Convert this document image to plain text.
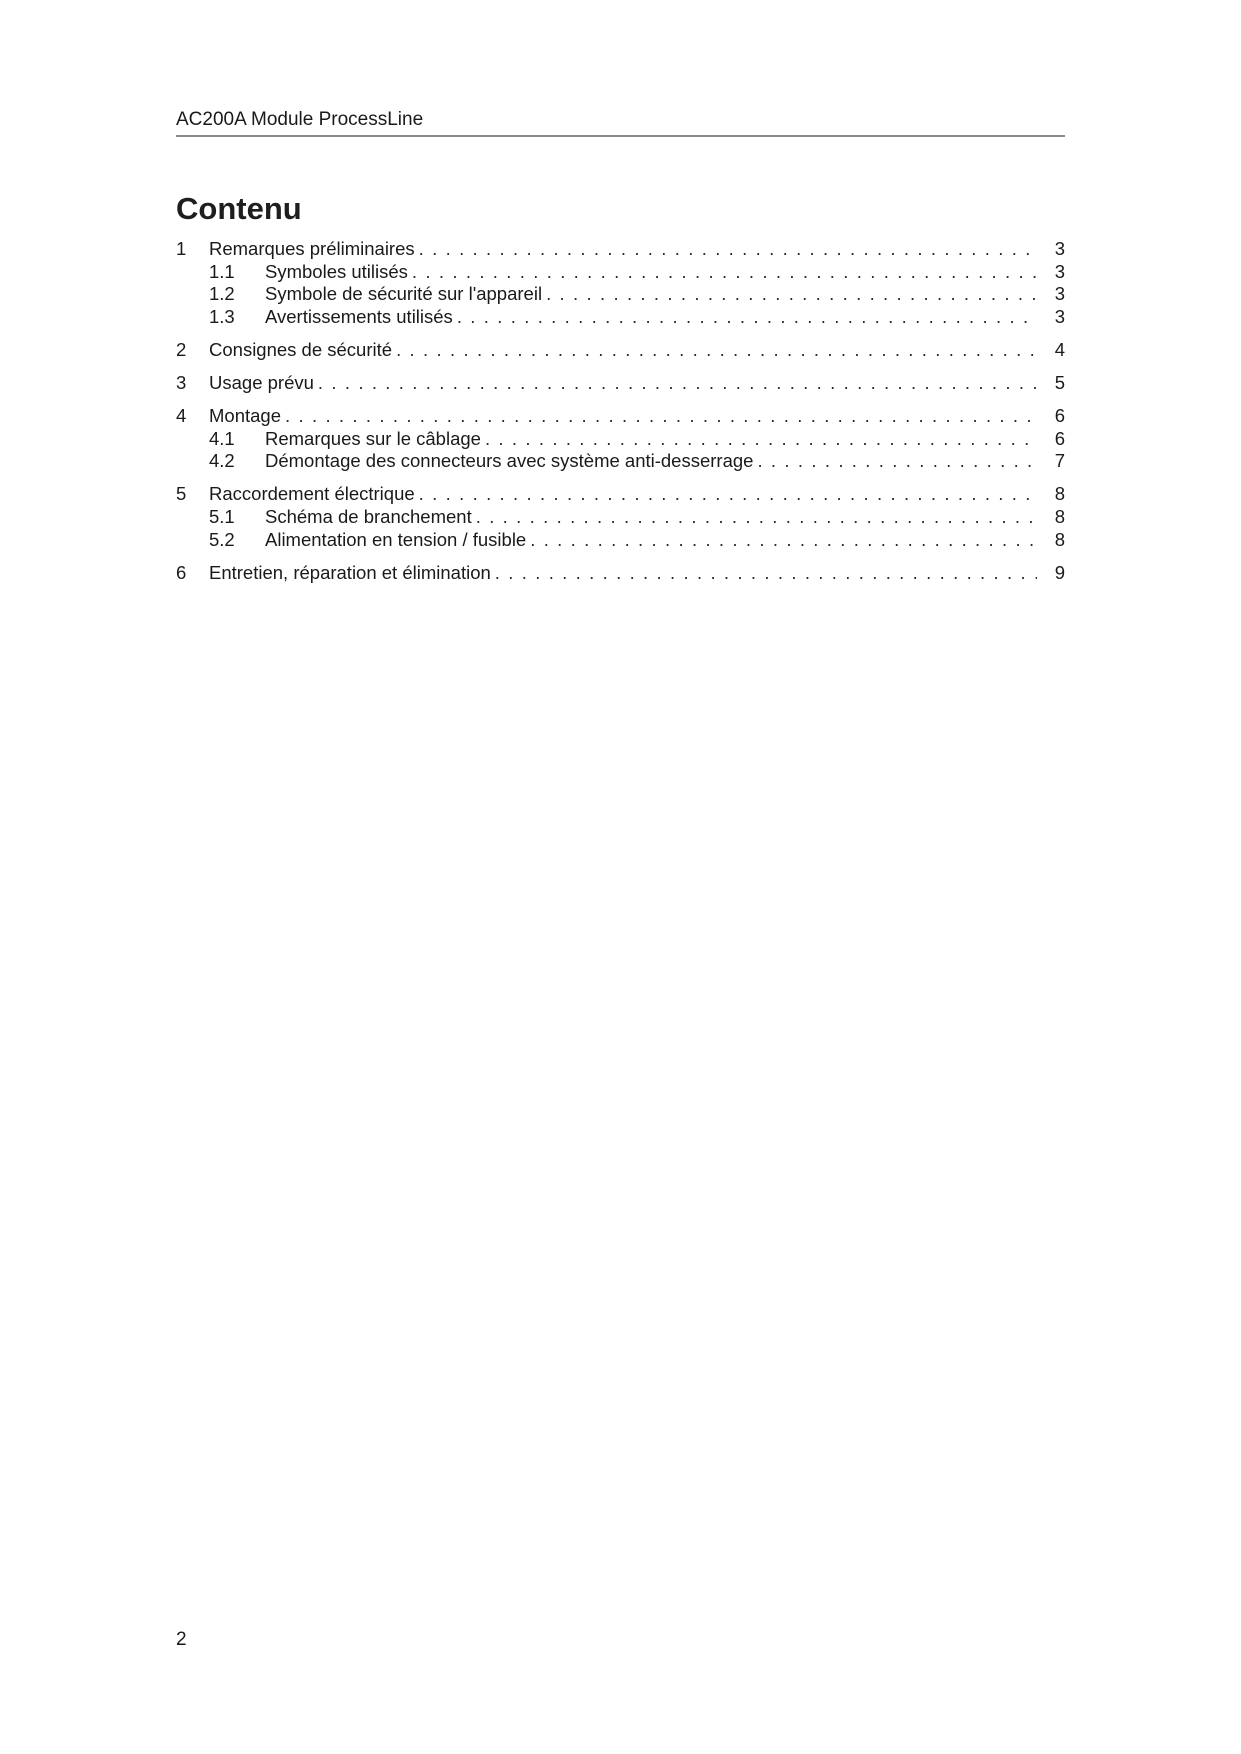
AC200A Module ProcessLine
Contenu
1 Remarques préliminaires . . .	3
1.1 Symboles utilisés . . .	3
1.2 Symbole de sécurité sur l'appareil . . .	3
1.3 Avertissements utilisés . . .	3
2 Consignes de sécurité . . .	4
3 Usage prévu . . .	5
4 Montage . . .	6
4.1 Remarques sur le câblage . . .	6
4.2 Démontage des connecteurs avec système anti-desserrage . . .	7
5 Raccordement électrique . . .	8
5.1 Schéma de branchement . . .	8
5.2 Alimentation en tension / fusible . . .	8
6 Entretien, réparation et élimination . . .	9
2
